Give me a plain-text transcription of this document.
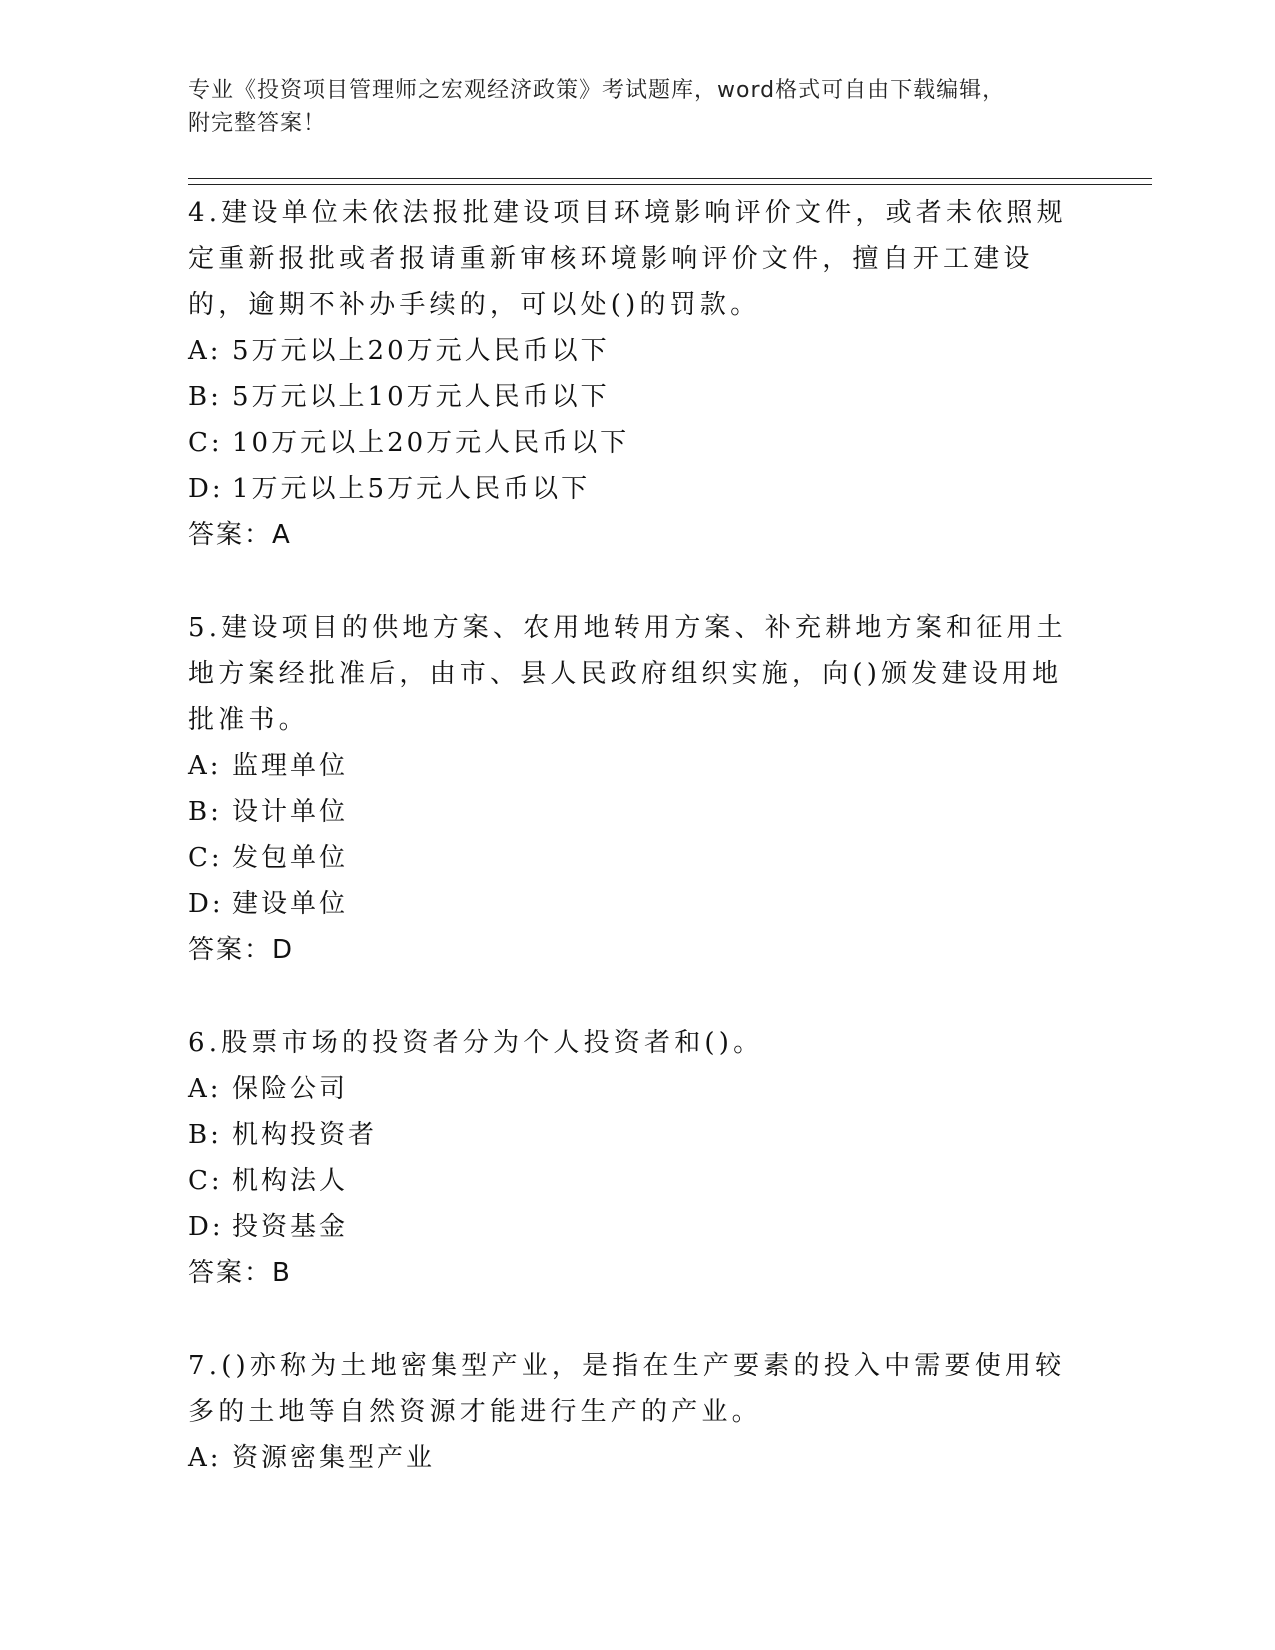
专业《投资项目管理师之宏观经济政策》考试题库，word格式可自由下载编辑，
附完整答案！

4.建设单位未依法报批建设项目环境影响评价文件，或者未依照规定重新报批或者报请重新审核环境影响评价文件，擅自开工建设的，逾期不补办手续的，可以处()的罚款。

A: 5万元以上20万元人民币以下

B: 5万元以上10万元人民币以下

C: 10万元以上20万元人民币以下

D: 1万元以上5万元人民币以下

答案：A

5.建设项目的供地方案、农用地转用方案、补充耕地方案和征用土地方案经批准后，由市、县人民政府组织实施，向()颁发建设用地批准书。

A: 监理单位

B: 设计单位

C: 发包单位

D: 建设单位

答案：D

6.股票市场的投资者分为个人投资者和()。

A: 保险公司

B: 机构投资者

C: 机构法人

D: 投资基金

答案：B

7.()亦称为土地密集型产业，是指在生产要素的投入中需要使用较多的土地等自然资源才能进行生产的产业。

A: 资源密集型产业
